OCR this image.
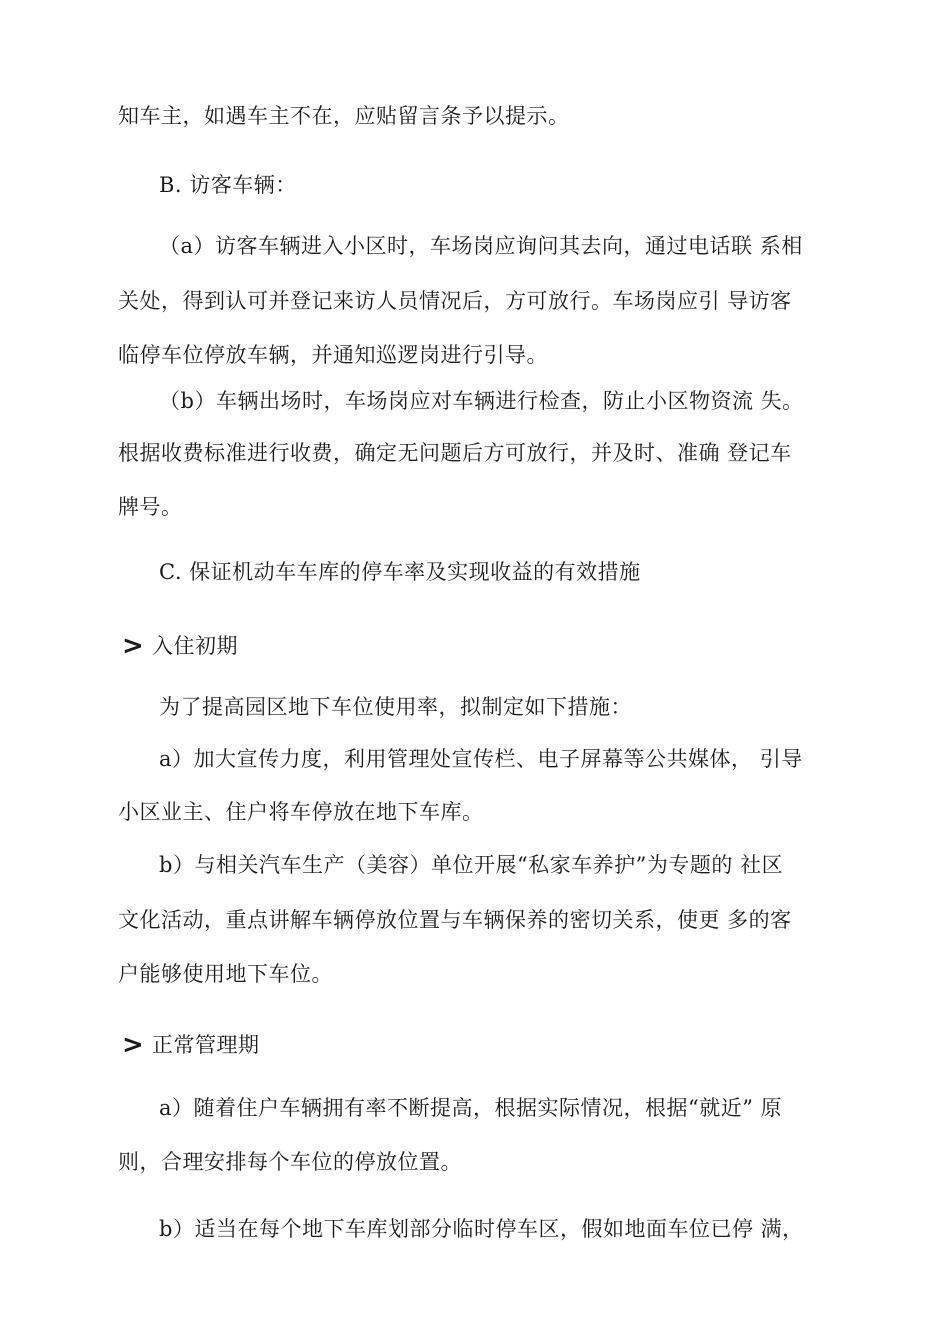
知车主，如遇车主不在，应贴留言条予以提示。
B. 访客车辆：
（a）访客车辆进入小区时，车场岗应询问其去向，通过电话联 系相
关处，得到认可并登记来访人员情况后，方可放行。车场岗应引 导访客
临停车位停放车辆，并通知巡逻岗进行引导。
（b）车辆出场时，车场岗应对车辆进行检查，防止小区物资流 失。
根据收费标准进行收费，确定无问题后方可放行，并及时、准确 登记车
牌号。
C. 保证机动车车库的停车率及实现收益的有效措施
> 入住初期
为了提高园区地下车位使用率，拟制定如下措施：
a）加大宣传力度，利用管理处宣传栏、电子屏幕等公共媒体， 引导
小区业主、住户将车停放在地下车库。
b）与相关汽车生产（美容）单位开展“私家车养护”为专题的 社区
文化活动，重点讲解车辆停放位置与车辆保养的密切关系，使更 多的客
户能够使用地下车位。
> 正常管理期
a）随着住户车辆拥有率不断提高，根据实际情况，根据“就近” 原
则，合理安排每个车位的停放位置。
b）适当在每个地下车库划部分临时停车区，假如地面车位已停 满，
